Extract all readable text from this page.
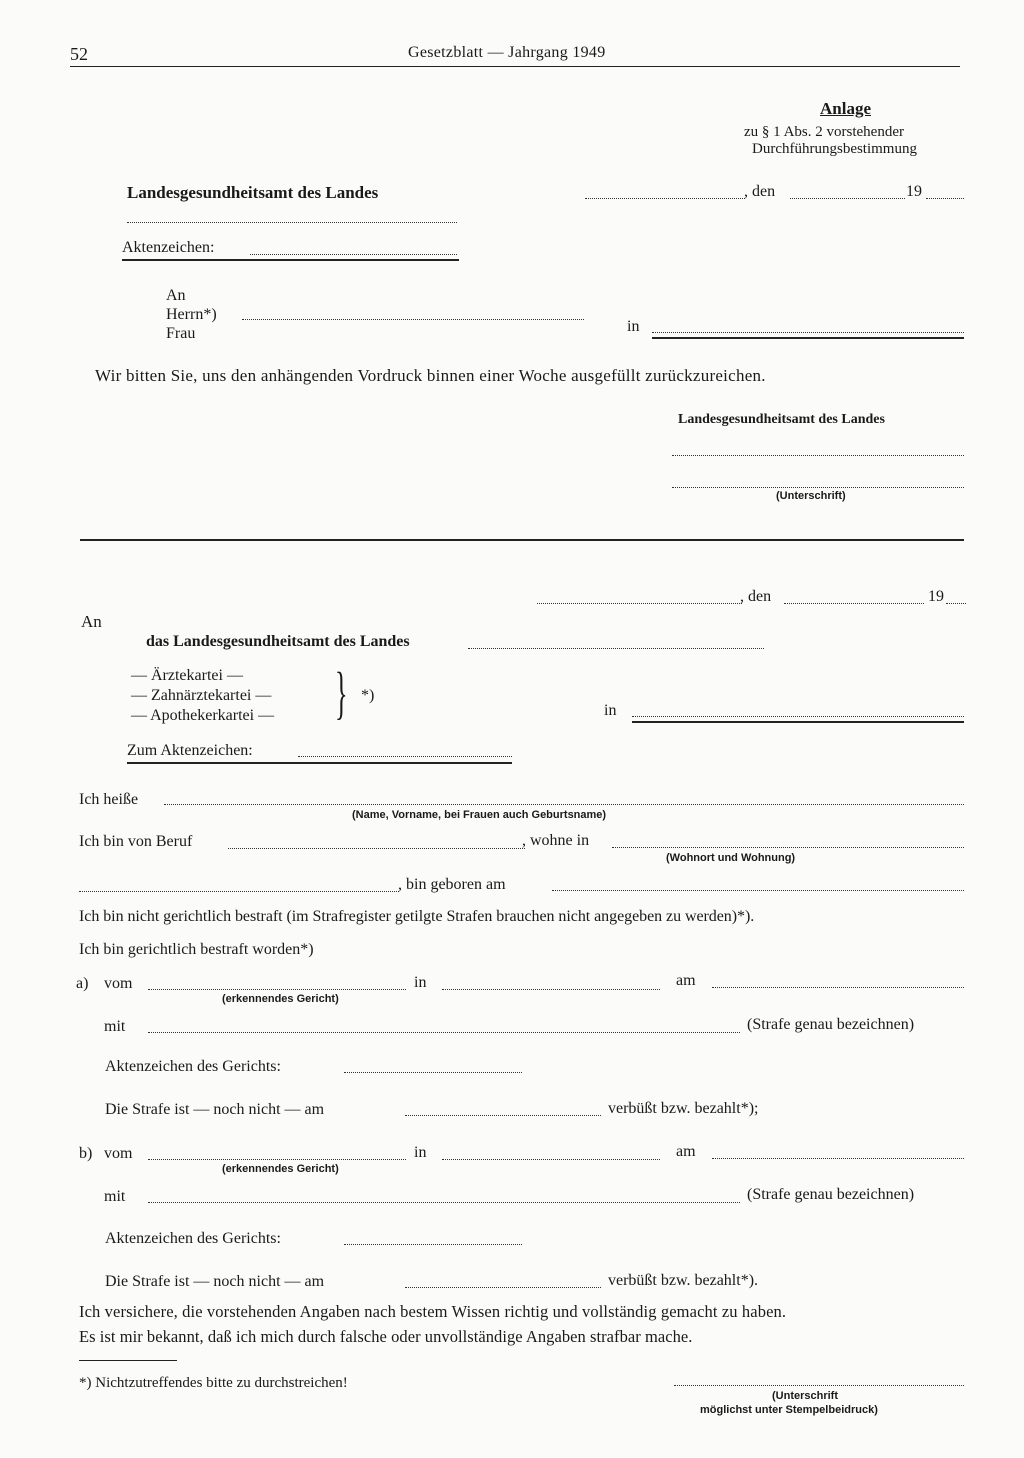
52	Gesetzblatt — Jahrgang 1949
Anlage
zu § 1 Abs. 2 vorstehender
Durchführungsbestimmung
Landesgesundheitsamt des Landes	, den	19
Aktenzeichen:
An
Herrn*)
Frau	in
Wir bitten Sie, uns den anhängenden Vordruck binnen einer Woche ausgefüllt zurückzureichen.
Landesgesundheitsamt des Landes
(Unterschrift)
, den	19
An
das Landesgesundheitsamt des Landes
— Ärztekartei —
— Zahnärztekartei —
— Apothekerkartei — } *)
in
Zum Aktenzeichen:
Ich heiße
(Name, Vorname, bei Frauen auch Geburtsname)
Ich bin von Beruf	, wohne in
(Wohnort und Wohnung)
, bin geboren am
Ich bin nicht gerichtlich bestraft (im Strafregister getilgte Strafen brauchen nicht angegeben zu werden)*).
Ich bin gerichtlich bestraft worden*)
a) vom
(erkennendes Gericht)
in	am
mit	(Strafe genau bezeichnen)
Aktenzeichen des Gerichts:
Die Strafe ist — noch nicht — am	verbüßt bzw. bezahlt*);
b) vom
(erkennendes Gericht)
in	am
mit	(Strafe genau bezeichnen)
Aktenzeichen des Gerichts:
Die Strafe ist — noch nicht — am	verbüßt bzw. bezahlt*).
Ich versichere, die vorstehenden Angaben nach bestem Wissen richtig und vollständig gemacht zu haben.
Es ist mir bekannt, daß ich mich durch falsche oder unvollständige Angaben strafbar mache.
*) Nichtzutreffendes bitte zu durchstreichen!
(Unterschrift
möglichst unter Stempelbeidruck)
